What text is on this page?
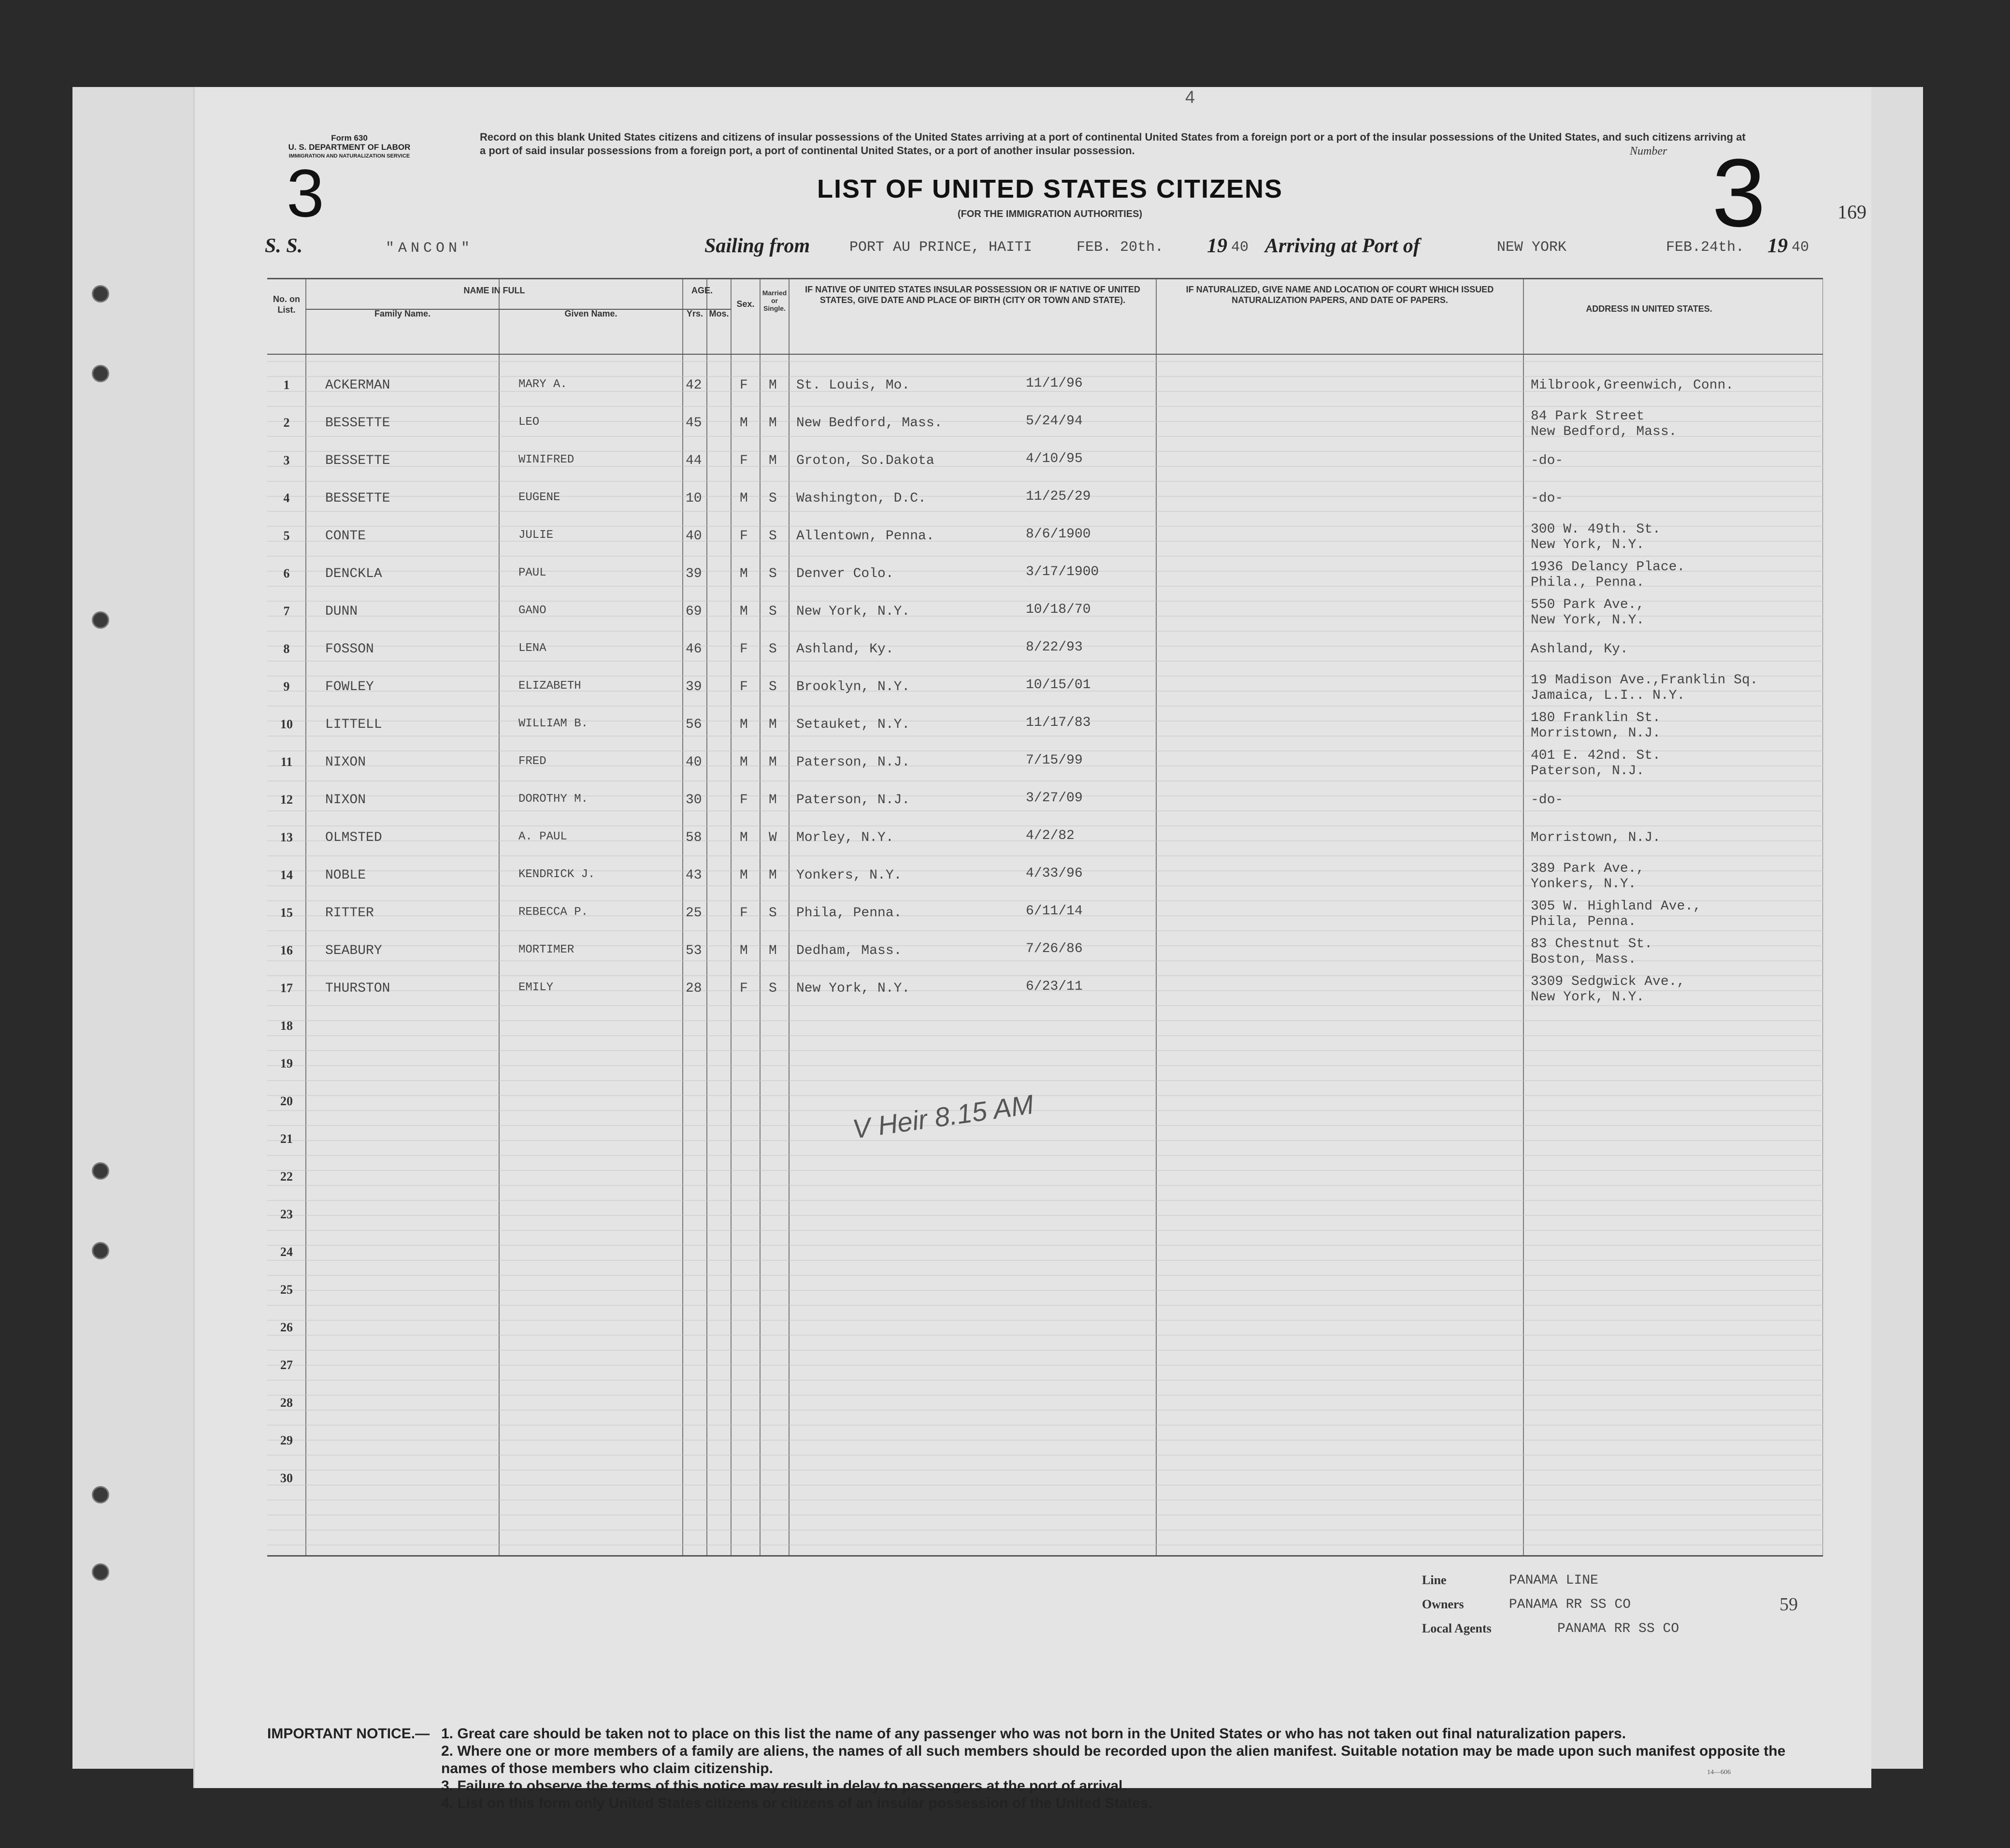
Form 630
U. S. DEPARTMENT OF LABOR
IMMIGRATION AND NATURALIZATION SERVICE
3
4
Record on this blank United States citizens and citizens of insular possessions of the United States arriving at a port of continental United States from a foreign port or a port of the insular possessions of the United States, and such citizens arriving at a port of said insular possessions from a foreign port, a port of continental United States, or a port of another insular possession.	Number 3	169
LIST OF UNITED STATES CITIZENS
(FOR THE IMMIGRATION AUTHORITIES)
S. S.	"ANCON"	Sailing from	PORT AU PRINCE, HAITI	FEB. 20th. 19 40 Arriving at Port of	NEW YORK	FEB.24th. 19 40
No. on List.
NAME IN FULL
Family Name.	Given Name.
AGE.
Yrs. Mos.
Sex.
Married or Single.
IF NATIVE OF UNITED STATES INSULAR POSSESSION OR IF NATIVE OF UNITED STATES, GIVE DATE AND PLACE OF BIRTH (CITY OR TOWN AND STATE).
IF NATURALIZED, GIVE NAME AND LOCATION OF COURT WHICH ISSUED NATURALIZATION PAPERS, AND DATE OF PAPERS.
ADDRESS IN UNITED STATES.
1	ACKERMAN	MARY A.	42	F M St. Louis, Mo.	11/1/96	Milbrook,Greenwich, Conn.
2	BESSETTE	LEO	45	M M New Bedford, Mass.	5/24/94	84 Park Street
New Bedford, Mass.
3	BESSETTE	WINIFRED	44	F M Groton, So.Dakota	4/10/95	-do-
4	BESSETTE	EUGENE	10	M S Washington, D.C.	11/25/29	-do-
5	CONTE	JULIE	40	F S Allentown, Penna.	8/6/1900	300 W. 49th. St.
New York, N.Y.
6	DENCKLA	PAUL	39	M S Denver Colo.	3/17/1900	1936 Delancy Place.
Phila., Penna.
7	DUNN	GANO	69	M S New York, N.Y.	10/18/70	550 Park Ave.,
New York, N.Y.
8	FOSSON	LENA	46	F S Ashland, Ky.	8/22/93	Ashland, Ky.
9	FOWLEY	ELIZABETH	39	F S Brooklyn, N.Y.	10/15/01	19 Madison Ave.,Franklin Sq.
Jamaica, L.I.. N.Y.
10	LITTELL	WILLIAM B.	56	M M Setauket, N.Y.	11/17/83	180 Franklin St.
Morristown, N.J.
11	NIXON	FRED	40	M M Paterson, N.J.	7/15/99	401 E. 42nd. St.
Paterson, N.J.
12	NIXON	DOROTHY M.	30	F M Paterson, N.J.	3/27/09	-do-
13	OLMSTED	A. PAUL	58	M W Morley, N.Y.	4/2/82	Morristown, N.J.
14	NOBLE	KENDRICK J.	43	M M Yonkers, N.Y.	4/33/96	389 Park Ave.,
Yonkers, N.Y.
15	RITTER	REBECCA P.	25	F S Phila, Penna.	6/11/14	305 W. Highland Ave.,
Phila, Penna.
16	SEABURY	MORTIMER	53	M M Dedham, Mass.	7/26/86	83 Chestnut St.
Boston, Mass.
17	THURSTON	EMILY	28	F S New York, N.Y.	6/23/11	3309 Sedgwick Ave.,
New York, N.Y.
18
19
20
21
22
23
24
25
26
27
28
29
30
V Heir 8.15 AM
59
Line	PANAMA LINE
Owners	PANAMA RR SS CO
Local Agents	PANAMA RR SS CO
IMPORTANT NOTICE.— 1. Great care should be taken not to place on this list the name of any passenger who was not born in the United States or who has not taken out final naturalization papers.
2. Where one or more members of a family are aliens, the names of all such members should be recorded upon the alien manifest. Suitable notation may be made upon such manifest opposite the names of those members who claim citizenship.
3. Failure to observe the terms of this notice may result in delay to passengers at the port of arrival.
4. List on this form only United States citizens or citizens of an insular possession of the United States.
14—606
